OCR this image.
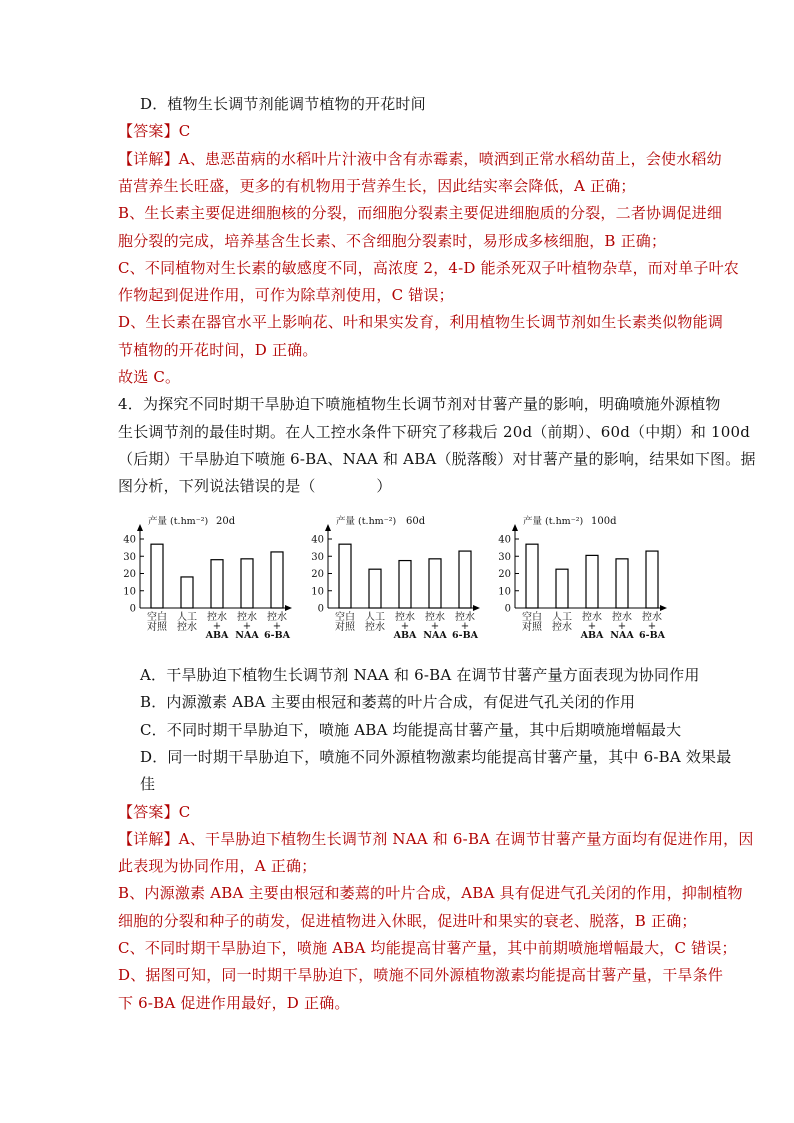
D．植物生长调节剂能调节植物的开花时间
【答案】C
【详解】A、患恶苗病的水稻叶片汁液中含有赤霉素，喷洒到正常水稻幼苗上，会使水稻幼
苗营养生长旺盛，更多的有机物用于营养生长，因此结实率会降低，A 正确；
B、生长素主要促进细胞核的分裂，而细胞分裂素主要促进细胞质的分裂，二者协调促进细
胞分裂的完成，培养基含生长素、不含细胞分裂素时，易形成多核细胞，B 正确；
C、不同植物对生长素的敏感度不同，高浓度 2，4-D 能杀死双子叶植物杂草，而对单子叶农
作物起到促进作用，可作为除草剂使用，C 错误；
D、生长素在器官水平上影响花、叶和果实发育，利用植物生长调节剂如生长素类似物能调
节植物的开花时间，D 正确。
故选 C。
4．为探究不同时期干旱胁迫下喷施植物生长调节剂对甘薯产量的影响，明确喷施外源植物
生长调节剂的最佳时期。在人工控水条件下研究了移栽后 20d（前期）、60d（中期）和 100d
（后期）干旱胁迫下喷施 6-BA、NAA 和 ABA（脱落酸）对甘薯产量的影响，结果如下图。据
图分析，下列说法错误的是（　　　　）
产量 (t.hm⁻²) 20d
0
10
20
30
40
空白
对照
人工
控水
控水
+
ABA
控水
+
NAA
控水
+
6-BA
产量 (t.hm⁻²) 60d
0
10
20
30
40
空白
对照
人工
控水
控水
+
ABA
控水
+
NAA
控水
+
6-BA
产量 (t.hm⁻²) 100d
0
10
20
30
40
空白
对照
人工
控水
控水
+
ABA
控水
+
NAA
控水
+
6-BA
A．干旱胁迫下植物生长调节剂 NAA 和 6-BA 在调节甘薯产量方面表现为协同作用
B．内源激素 ABA 主要由根冠和萎蔫的叶片合成，有促进气孔关闭的作用
C．不同时期干旱胁迫下，喷施 ABA 均能提高甘薯产量，其中后期喷施增幅最大
D．同一时期干旱胁迫下，喷施不同外源植物激素均能提高甘薯产量，其中 6-BA 效果最
佳
【答案】C
【详解】A、干旱胁迫下植物生长调节剂 NAA 和 6-BA 在调节甘薯产量方面均有促进作用，因
此表现为协同作用，A 正确；
B、内源激素 ABA 主要由根冠和萎蔫的叶片合成，ABA 具有促进气孔关闭的作用，抑制植物
细胞的分裂和种子的萌发，促进植物进入休眠，促进叶和果实的衰老、脱落，B 正确；
C、不同时期干旱胁迫下，喷施 ABA 均能提高甘薯产量，其中前期喷施增幅最大，C 错误；
D、据图可知，同一时期干旱胁迫下，喷施不同外源植物激素均能提高甘薯产量，干旱条件
下 6-BA 促进作用最好，D 正确。
